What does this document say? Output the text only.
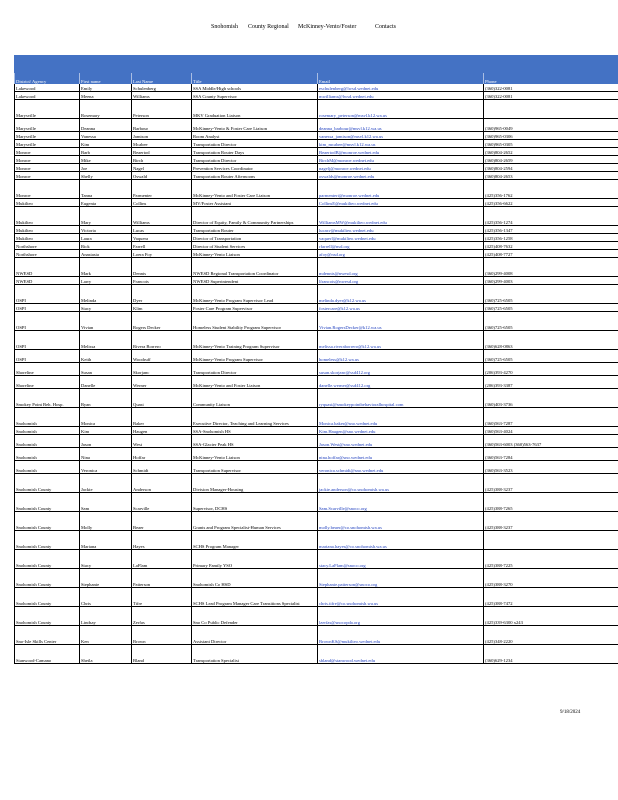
Snohomish County Regional McKinney-Vento/Foster	Contacts
District/ Agency	First name	Last Name	Title	Email	Phone
Lakewood	Emily	Schulenberg	SSA Middle/High schools	eschulenberg@lwsd.wednet.edu	(360)322-0081
Lakewood	Meena	Williams	SSA County Supervisor	mwilliams@lwsd.wednet.edu	(360)322-0081
Marysville	Rosemary	Peterson	MKV Graduation Liaison	rosemary_peterson@msvl.k12.wa.us	
Marysville	Deanna	Barbour	McKinney-Vento & Foster Care Liaison	deanna_barbour@msvl.k12.wa.us	(360)965-0049
Marysville	Vanessa	Jamison	Room Analyst	vanessa_jamison@msvl.k12.wa.us	(360)965-0306
Marysville	Kim	Mcabee	Transportation Director	kim_mcabee@msvl.k12.wa.us	(360)965-0305
Monroe	Barb	Beaertod	Transportation Router Days	BeaertodB@monroe.wednet.edu	(360)804-2652
Monroe	Mike	Birch	Transportation Director	BirchM@monroe.wednet.edu	(360)804-2659
Monroe	Joe	Nagel	Prevention Services Coordinator	nagelj@monroe.wednet.edu	(360)804-2594
Monroe	Shelly	Oswald	Transportation Router Afternoons	oswalds@monroe.wednet.edu	(360)804-2653
Monroe	Tanna	Parmenter	McKinney-Vento and Foster Care Liaison	parmentert@monroe.wednet.edu	(425)356-1762
Mukilteo	Eugenia	Collins	MV/Foster Assistant	CollinsE@mukilteo.wednet.edu	(425)356-6622
Mukilteo	Mary	Williams	Director of Equity, Family & Community Partnerships	WilliamsMW@mukilteo.wednet.edu	(425)356-1274
Mukilteo	Victoria	Lucas	Transportation Router	lucasv@mukilteo.wednet.edu	(425)356-1347
Mukilteo	Laura	Vaquera	Director of Transportation	vaquerl@mukilteo.wednet.edu	(425)356-1258
Northshore	Rick	Farrell	Director of Student Services	rfarrell@nsd.org	(425)408-7632
Northshore	Anastasia	Loera Foy	McKinney-Vento Liaison	afoy@nsd.org	(425)408-7727
NWESD	Mark	Dennis	NWESD Regional Transportation Coordinator	mdennis@nwesd.org	(360)299-4008
NWESD	Larry	Francois	NWESD Superintendent	lfrancois@nwesd.org	(360)299-4003
OSPI	Melinda	Dyer	McKinney-Vento Program Supervisor Lead	melinda.dyer@k12.wa.us	(360)725-6505
OSPI	Stacy	Klim	Foster Care Program Supervisor	fostercare@k12.wa.us	(360)725-6505
OSPI	Vivian	Rogers Decker	Homeless Student Stability Program Supervisor	Vivian.RogersDecker@k12.wa.us	(360)725-6505
OSPI	Melissa	Rivera Borrero	McKinney-Vento Training Program Supervisor	melissa.riveraborrero@k12.wa.us	(360)628-0863
OSPI	Keith	Woodruff	McKinney-Vento Program Supervisor	homeless@k12.wa.us	(360)725-6505
Shoreline	Susan	Skorjanc	Transportation Director	susan.skorjanc@ssd412.org	(206)393-4270
Shoreline	Danelle	Werner	McKinney-Vento and Foster Liaison	danelle.werner@ssd412.org	(206)393-3387
Smokey Point Beh. Hosp.	Ryan	Quast	Community Liaison	ryquast@smokeypointbehavioralhospital.com	(360)403-3736
Snohomish	Monica	Baker	Executive Director, Teaching and Learning Services	Monica.baker@sno.wednet.edu	(360)563-7287
Snohomish	Kim	Haugen	SSA-Snohomish HS	Kim.Haugen@sno.wednet.edu	(360)563-4024
Snohomish	Jason	West	SSA-Glacier Peak HS	Jason.West@sno.wednet.edu	(360)563-6003 (360)563-7637
Snohomish	Nina	Hoffar	McKinney-Vento Liaison	nina.hoffar@sno.wednet.edu	(360)563-7284
Snohomish	Veronica	Schmidt	Transportation Supervisor	veronica.schmidt@sno.wednet.edu	(360)563-3523
Snohomish County	Jackie	Anderson	Division Manager-Housing	jackie.anderson@co.snohomish.wa.us	(425)388-3237
Snohomish County	Sam	Scarville	Supervisor, DCHS	Sam.Scarville@snoco.org	(425)388-7265
Snohomish County	Molly	Beaer	Grants and Program Specialist-Human Services	molly.beaer@co.snohomish.wa.us	(425)388-3237
Snohomish County	Mariana	Hayes	SCHS Program Manager	mariana.hayes@co.snohomish.wa.us	
Snohomish County	Stacy	LaFlam	Primary Family YSO	stacy.LaFlam@snoco.org	(425)388-7225
Snohomish County	Stephanie	Patterson	Snohomish Co HSD	Stephanie.patterson@snoco.org	(425)388-3270
Snohomish County	Chris	Tifre	SCHS Lead Program Manager Care Transitions Specialist	chris.tifre@co.snohomish.wa.us	(425)388-7472
Snohomish County	Lindsay	Zerfas	Sno Co Public Defender	lzerfas@snocopda.org	(425)339-6300 x243
Sno-Isle Skills Center	Ken	Brown	Assistant Director	BrownKS@mukilteo.wednet.edu	(425)348-2220
Stanwood-Camano	Sheila	Bland	Transportation Specialist	sbland@stanwood.wednet.edu	(360)629-1234
9/18/2024
